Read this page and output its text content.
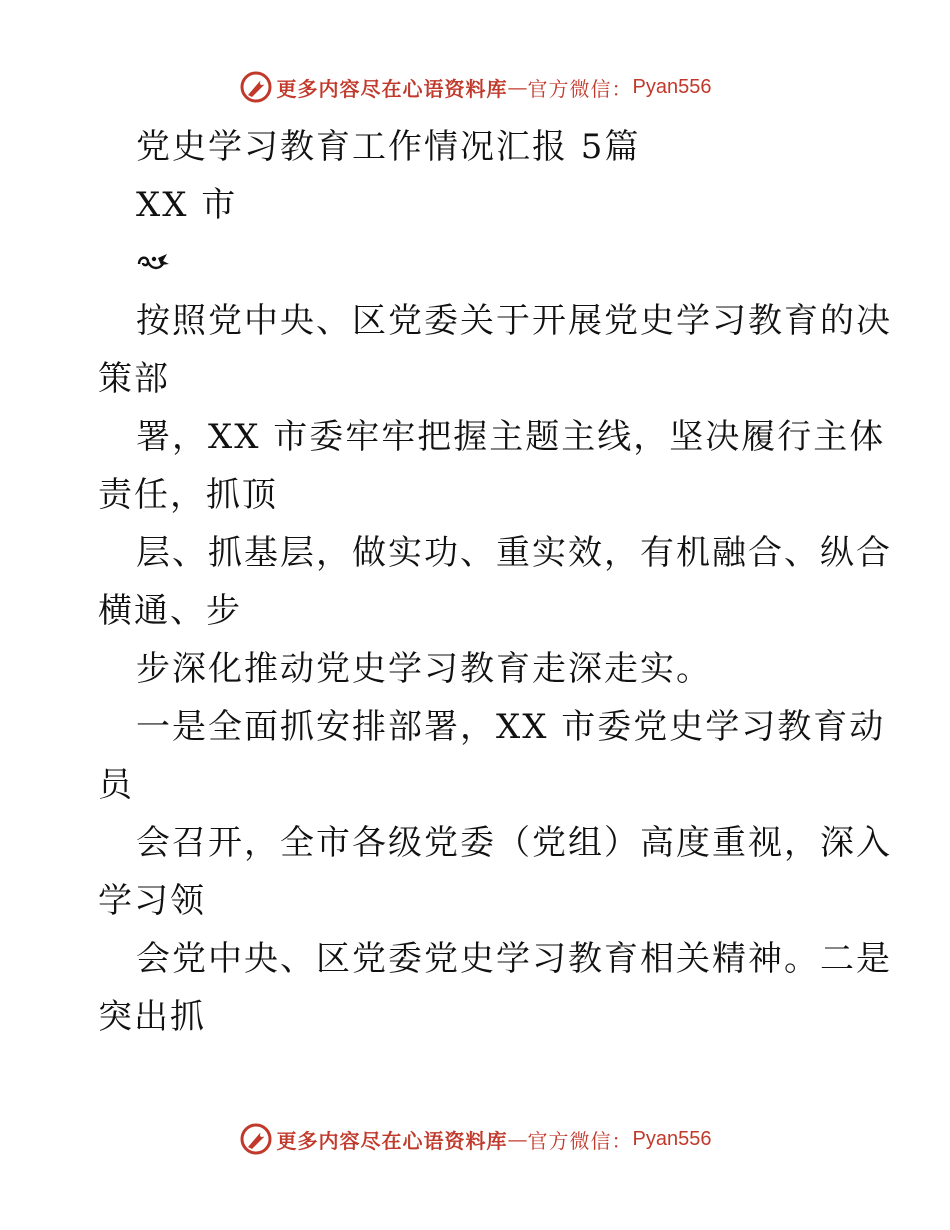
更多内容尽在心语资料库 — 官方微信： Pyan556
党史学习教育工作情况汇报 5篇
XX 市
按照党中央、区党委关于开展党史学习教育的决
策部
署，XX 市委牢牢把握主题主线，坚决履行主体
责任，抓顶
层、抓基层，做实功、重实效，有机融合、纵合
横通、步
步深化推动党史学习教育走深走实。
一是全面抓安排部署，XX 市委党史学习教育动
员
会召开，全市各级党委（党组）高度重视，深入
学习领
会党中央、区党委党史学习教育相关精神。二是
突出抓
更多内容尽在心语资料库 — 官方微信： Pyan556
